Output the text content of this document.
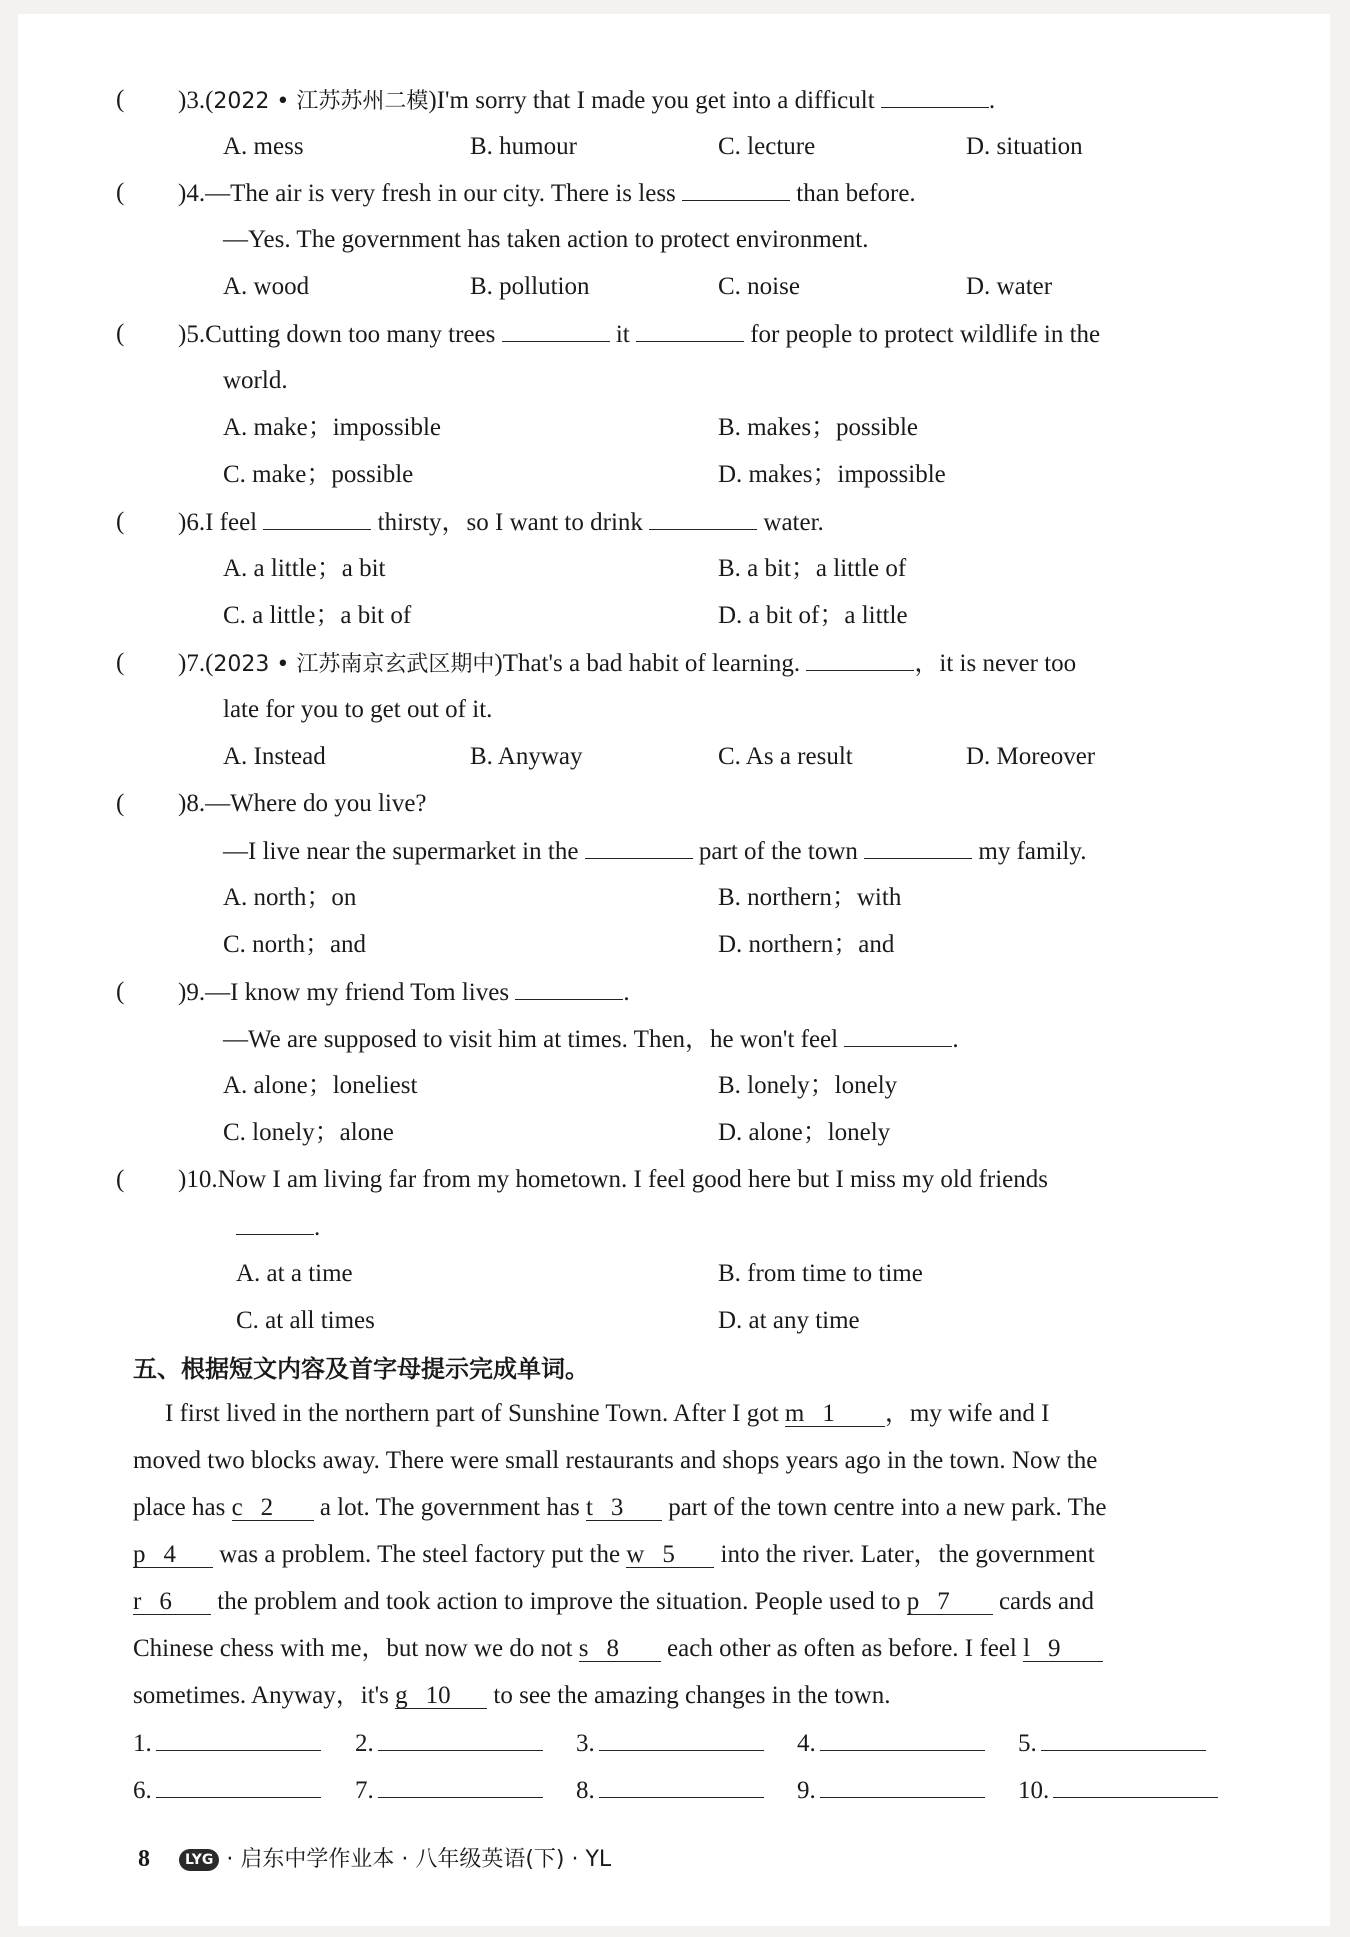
( )3.(2022 • 江苏苏州二模)I'm sorry that I made you get into a difficult	.
A. mess	B. humour	C. lecture	D. situation
( )4.—The air is very fresh in our city. There is less	than before.
—Yes. The government has taken action to protect environment.
A. wood	B. pollution	C. noise	D. water
( )5.Cutting down too many trees	it	for people to protect wildlife in the
world.
A. make；impossible	B. makes；possible
C. make；possible	D. makes；impossible
( )6.I feel	thirsty，so I want to drink	water.
A. a little；a bit	B. a bit；a little of
C. a little；a bit of	D. a bit of；a little
( )7.(2023 • 江苏南京玄武区期中)That's a bad habit of learning.	，it is never too
late for you to get out of it.
A. Instead	B. Anyway	C. As a result	D. Moreover
( )8.—Where do you live?
—I live near the supermarket in the	part of the town	my family.
A. north；on	B. northern；with
C. north；and	D. northern；and
( )9.—I know my friend Tom lives	.
—We are supposed to visit him at times. Then，he won't feel	.
A. alone；loneliest	B. lonely；lonely
C. lonely；alone	D. alone；lonely
( )10.Now I am living far from my hometown. I feel good here but I miss my old friends
.
A. at a time	B. from time to time
C. at all times	D. at any time
五、根据短文内容及首字母提示完成单词。
I first lived in the northern part of Sunshine Town. After I got m 1 ，my wife and I
moved two blocks away. There were small restaurants and shops years ago in the town. Now the
place has c 2 a lot. The government has t 3 part of the town centre into a new park. The
p 4 was a problem. The steel factory put the w 5 into the river. Later，the government
r 6 the problem and took action to improve the situation. People used to p 7 cards and
Chinese chess with me，but now we do not s 8 each other as often as before. I feel l 9
sometimes. Anyway，it's g 10 to see the amazing changes in the town.
1.	2.	3.	4.	5.
6.	7.	8.	9.	10.
8	LYG · 启东中学作业本 · 八年级英语(下) · YL
